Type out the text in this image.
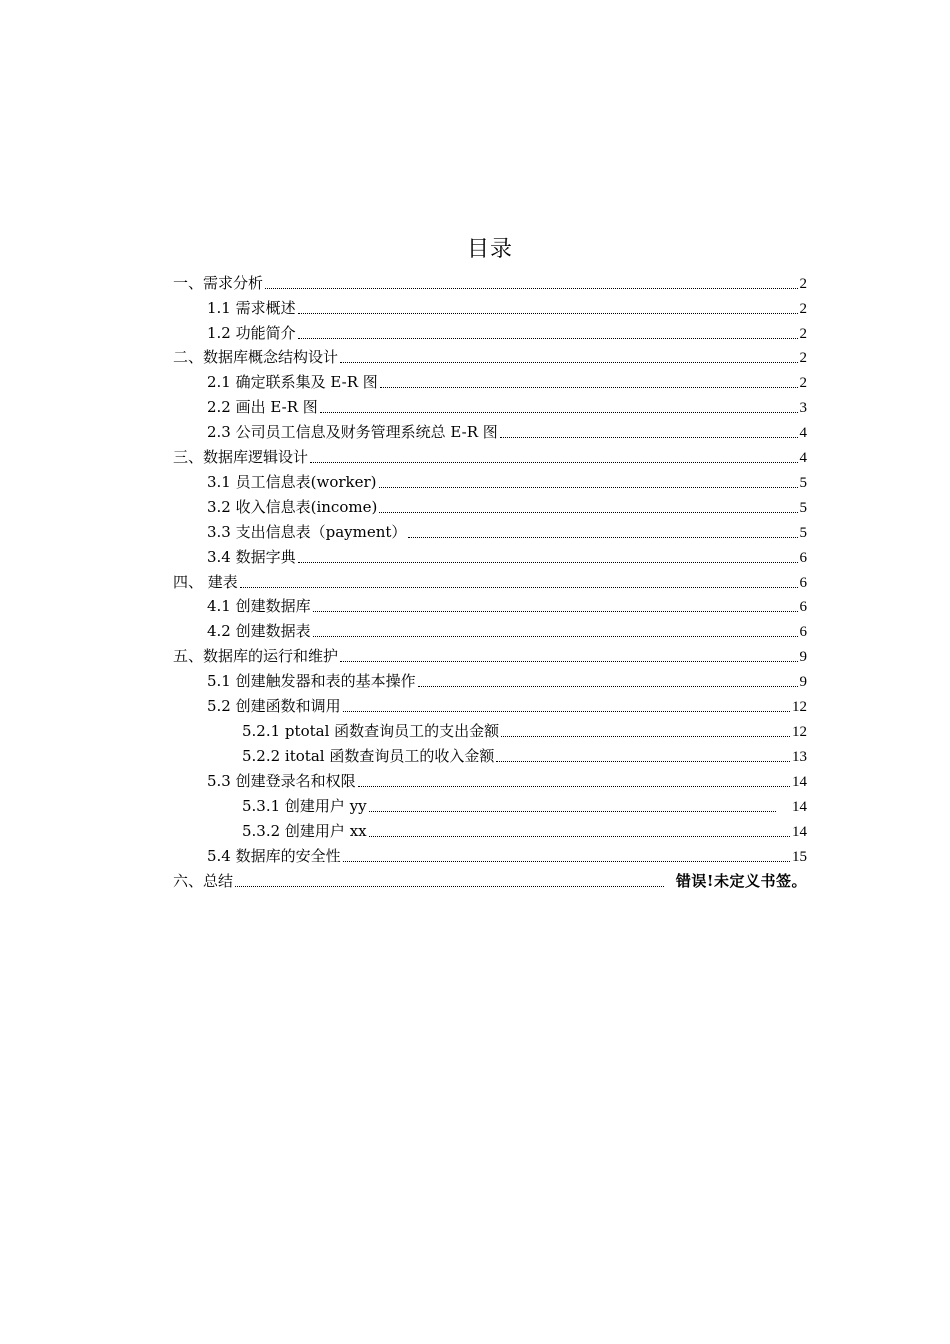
目录
一、需求分析	2
1.1 需求概述	2
1.2 功能简介	2
二、数据库概念结构设计	2
2.1 确定联系集及 E-R 图	2
2.2 画出 E-R 图	3
2.3 公司员工信息及财务管理系统总 E-R 图	4
三、数据库逻辑设计	4
3.1 员工信息表(worker)	5
3.2 收入信息表(income)	5
3.3 支出信息表（payment）	5
3.4 数据字典	6
四、 建表	6
4.1 创建数据库	6
4.2 创建数据表	6
五、数据库的运行和维护	9
5.1 创建触发器和表的基本操作	9
5.2 创建函数和调用	12
5.2.1 ptotal 函数查询员工的支出金额	12
5.2.2 itotal 函数查询员工的收入金额	13
5.3 创建登录名和权限	14
5.3.1 创建用户 yy	14
5.3.2 创建用户 xx	14
5.4 数据库的安全性	15
六、总结	错误!未定义书签。
